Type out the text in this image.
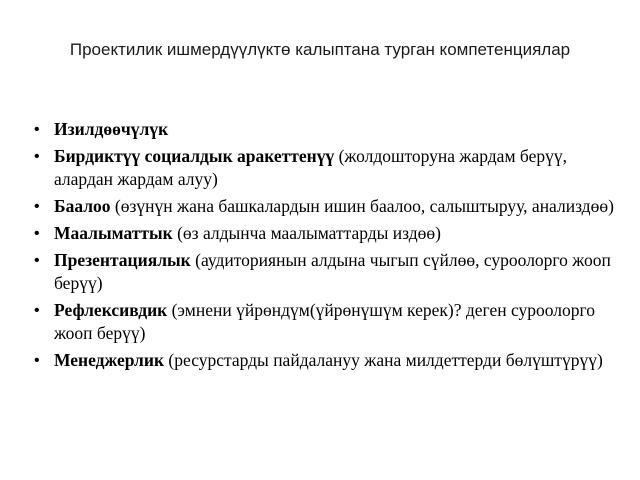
Проектилик ишмердүүлүктө калыптана турган компетенциялар
• Изилдөөчүлүк
• Бирдиктүү социалдык аракеттенүү (жолдошторуна жардам берүү, алардан жардам алуу)
• Баалоо (өзүнүн жана башкалардын ишин баалоо, салыштыруу, анализдөө)
• Маалыматтык (өз алдынча маалыматтарды издөө)
• Презентациялык (аудиториянын алдына чыгып сүйлөө, суроолорго жооп берүү)
• Рефлексивдик (эмнени үйрөндүм(үйрөнүшүм керек)? деген суроолорго жооп берүү)
• Менеджерлик (ресурстарды пайдалануу жана милдеттерди бөлүштүрүү)
